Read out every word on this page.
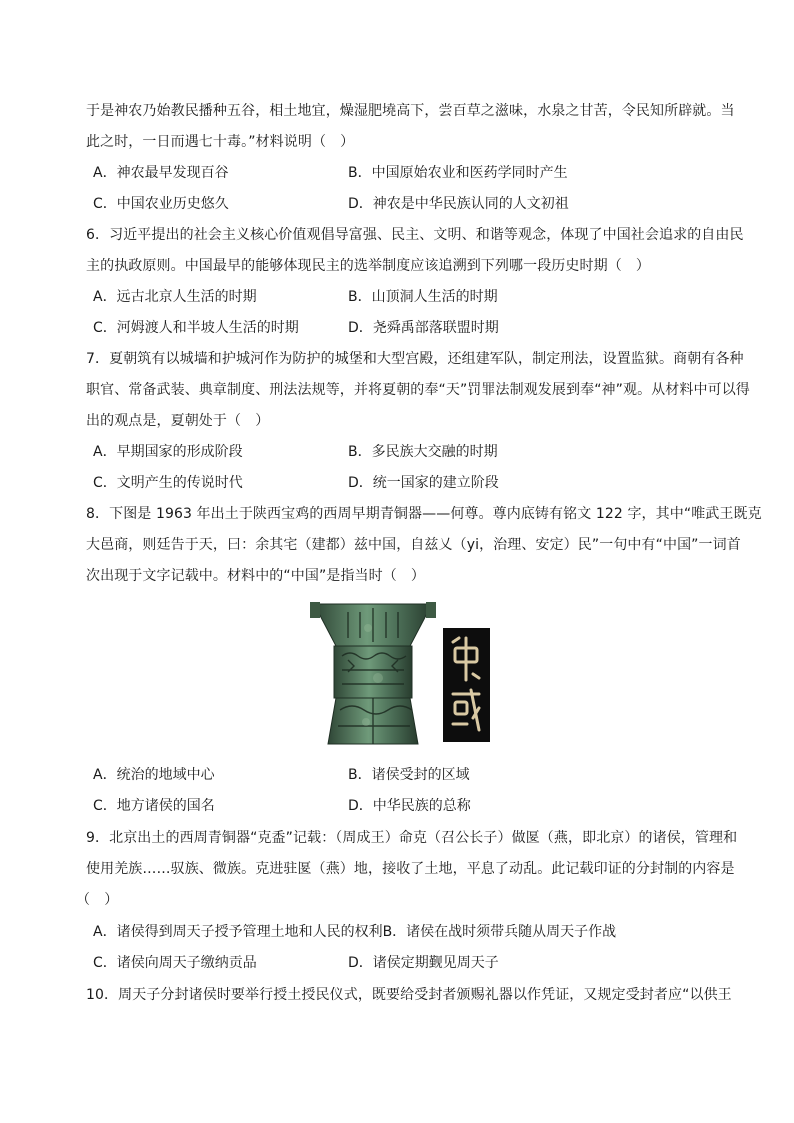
于是神农乃始教民播种五谷，相土地宜，燥湿肥墝高下，尝百草之滋味，水泉之甘苦，令民知所辟就。当
此之时，一日而遇七十毒。”材料说明（　）
A．神农最早发现百谷	B．中国原始农业和医药学同时产生
C．中国农业历史悠久	D．神农是中华民族认同的人文初祖
6．习近平提出的社会主义核心价值观倡导富强、民主、文明、和谐等观念，体现了中国社会追求的自由民
主的执政原则。中国最早的能够体现民主的选举制度应该追溯到下列哪一段历史时期（　）
A．远古北京人生活的时期	B．山顶洞人生活的时期
C．河姆渡人和半坡人生活的时期	D．尧舜禹部落联盟时期
7．夏朝筑有以城墙和护城河作为防护的城堡和大型宫殿，还组建军队，制定刑法，设置监狱。商朝有各种
职官、常备武装、典章制度、刑法法规等，并将夏朝的奉“天”罚罪法制观发展到奉“神”观。从材料中可以得
出的观点是，夏朝处于（　）
A．早期国家的形成阶段	B．多民族大交融的时期
C．文明产生的传说时代	D．统一国家的建立阶段
8．下图是 1963 年出土于陕西宝鸡的西周早期青铜器——何尊。尊内底铸有铭文 122 字，其中“唯武王既克
大邑商，则廷告于天，曰：余其宅（建都）兹中国，自兹乂（yi，治理、安定）民”一句中有“中国”一词首
次出现于文字记载中。材料中的“中国”是指当时（　）
A．统治的地域中心	B．诸侯受封的区域
C．地方诸侯的国名	D．中华民族的总称
9．北京出土的西周青铜器“克盉”记载：（周成王）命克（召公长子）做匽（燕，即北京）的诸侯，管理和
使用羌族……驭族、微族。克进驻匽（燕）地，接收了土地，平息了动乱。此记载印证的分封制的内容是
（　）
A．诸侯得到周天子授予管理土地和人民的权利B．诸侯在战时须带兵随从周天子作战
C．诸侯向周天子缴纳贡品	D．诸侯定期觐见周天子
10．周天子分封诸侯时要举行授土授民仪式，既要给受封者颁赐礼器以作凭证，又规定受封者应“以供王
